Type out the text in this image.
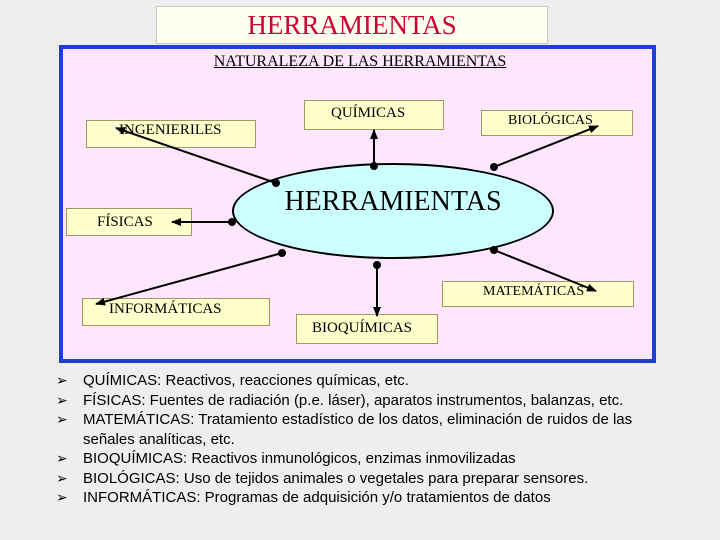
HERRAMIENTAS
NATURALEZA DE LAS HERRAMIENTAS
QUÍMICAS	BIOLÓGICAS
INGENIERILES
FÍSICAS
MATEMÁTICAS
INFORMÁTICAS
BIOQUÍMICAS
HERRAMIENTAS
➢ QUÍMICAS: Reactivos, reacciones químicas, etc.
➢ FÍSICAS: Fuentes de radiación (p.e. láser), aparatos instrumentos, balanzas, etc.
➢ MATEMÁTICAS: Tratamiento estadístico de los datos, eliminación de ruidos de las señales analíticas, etc.
➢ BIOQUÍMICAS: Reactivos inmunológicos, enzimas inmovilizadas
➢ BIOLÓGICAS: Uso de tejidos animales o vegetales para preparar sensores.
➢ INFORMÁTICAS: Programas de adquisición y/o tratamientos de datos
